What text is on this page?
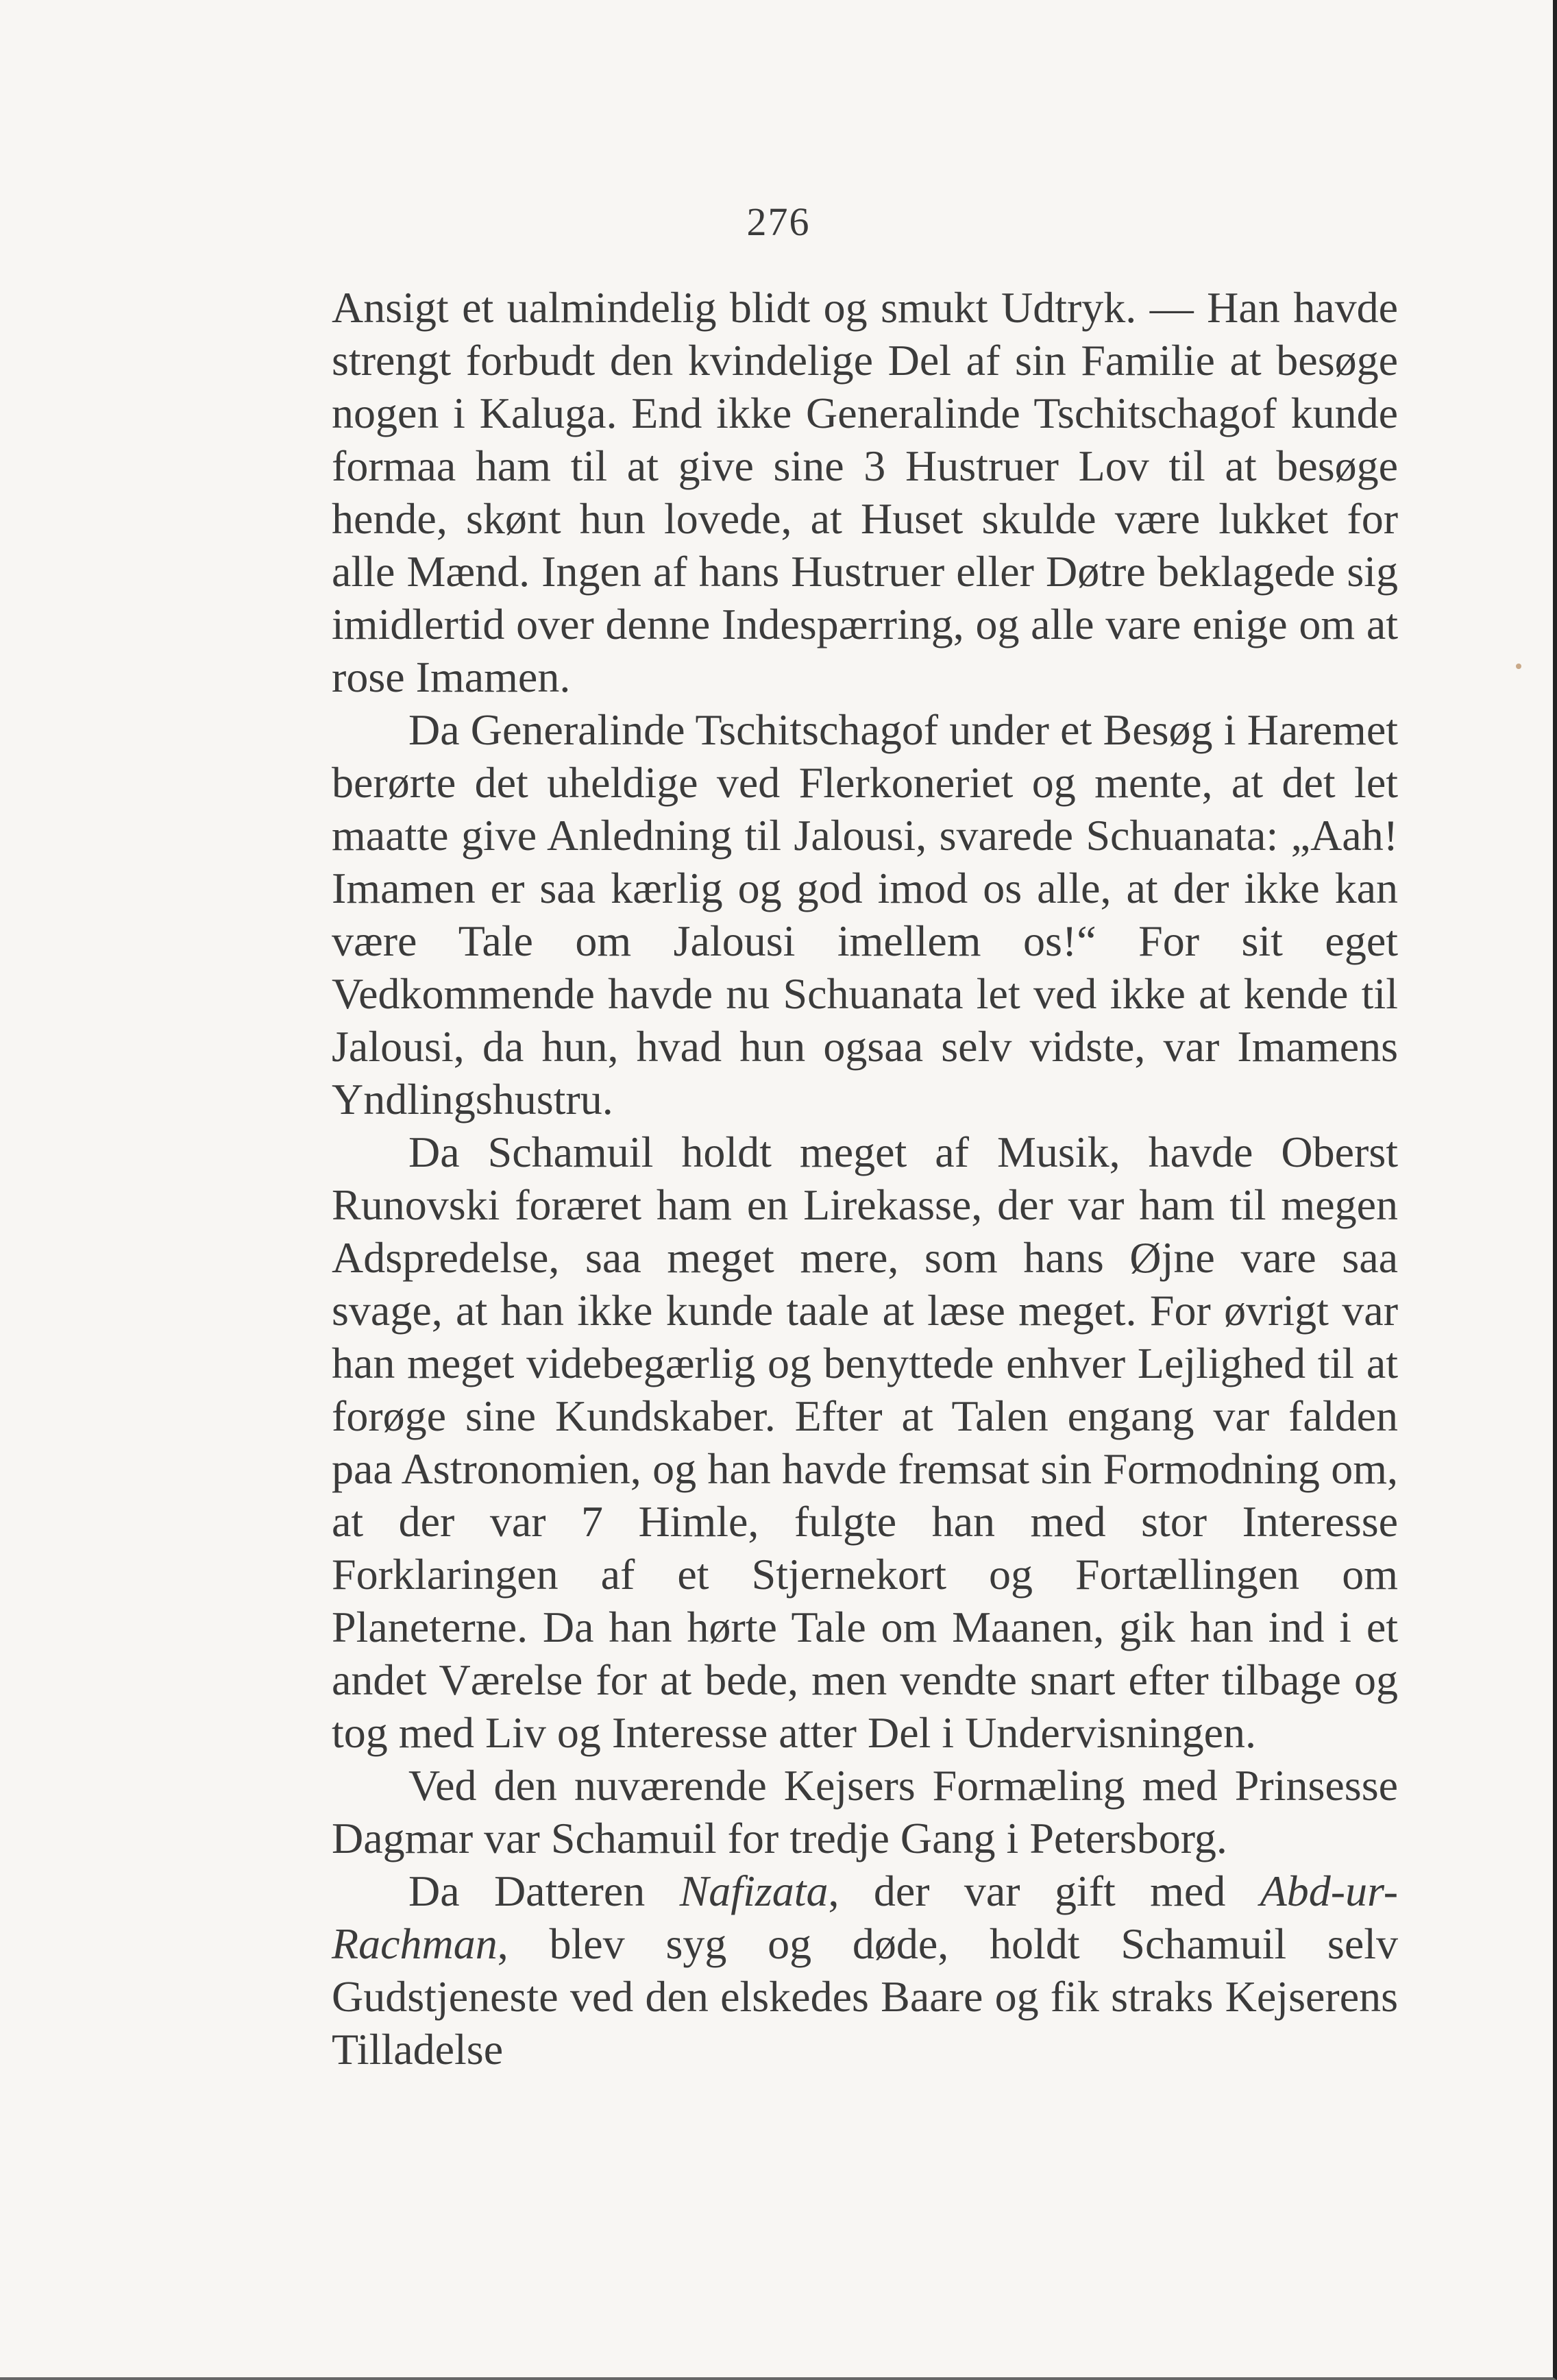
276

Ansigt et ualmindelig blidt og smukt Udtryk. — Han havde strengt forbudt den kvindelige Del af sin Familie at besøge nogen i Kaluga. End ikke Generalinde Tschitschagof kunde formaa ham til at give sine 3 Hustruer Lov til at besøge hende, skønt hun lovede, at Huset skulde være lukket for alle Mænd. Ingen af hans Hustruer eller Døtre beklagede sig imidlertid over denne Indespærring, og alle vare enige om at rose Imamen.

Da Generalinde Tschitschagof under et Besøg i Haremet berørte det uheldige ved Flerkoneriet og mente, at det let maatte give Anledning til Jalousi, svarede Schuanata: „Aah! Imamen er saa kærlig og god imod os alle, at der ikke kan være Tale om Jalousi imellem os!“ For sit eget Vedkommende havde nu Schuanata let ved ikke at kende til Jalousi, da hun, hvad hun ogsaa selv vidste, var Imamens Yndlingshustru.

Da Schamuil holdt meget af Musik, havde Oberst Runovski foræret ham en Lirekasse, der var ham til megen Adspredelse, saa meget mere, som hans Øjne vare saa svage, at han ikke kunde taale at læse meget. For øvrigt var han meget videbegærlig og benyttede enhver Lejlighed til at forøge sine Kundskaber. Efter at Talen engang var falden paa Astronomien, og han havde fremsat sin Formodning om, at der var 7 Himle, fulgte han med stor Interesse Forklaringen af et Stjernekort og Fortællingen om Planeterne. Da han hørte Tale om Maanen, gik han ind i et andet Værelse for at bede, men vendte snart efter tilbage og tog med Liv og Interesse atter Del i Undervisningen.

Ved den nuværende Kejsers Formæling med Prinsesse Dagmar var Schamuil for tredje Gang i Petersborg.

Da Datteren Nafizata, der var gift med Abd-ur-Rachman, blev syg og døde, holdt Schamuil selv Gudstjeneste ved den elskedes Baare og fik straks Kejserens Tilladelse
